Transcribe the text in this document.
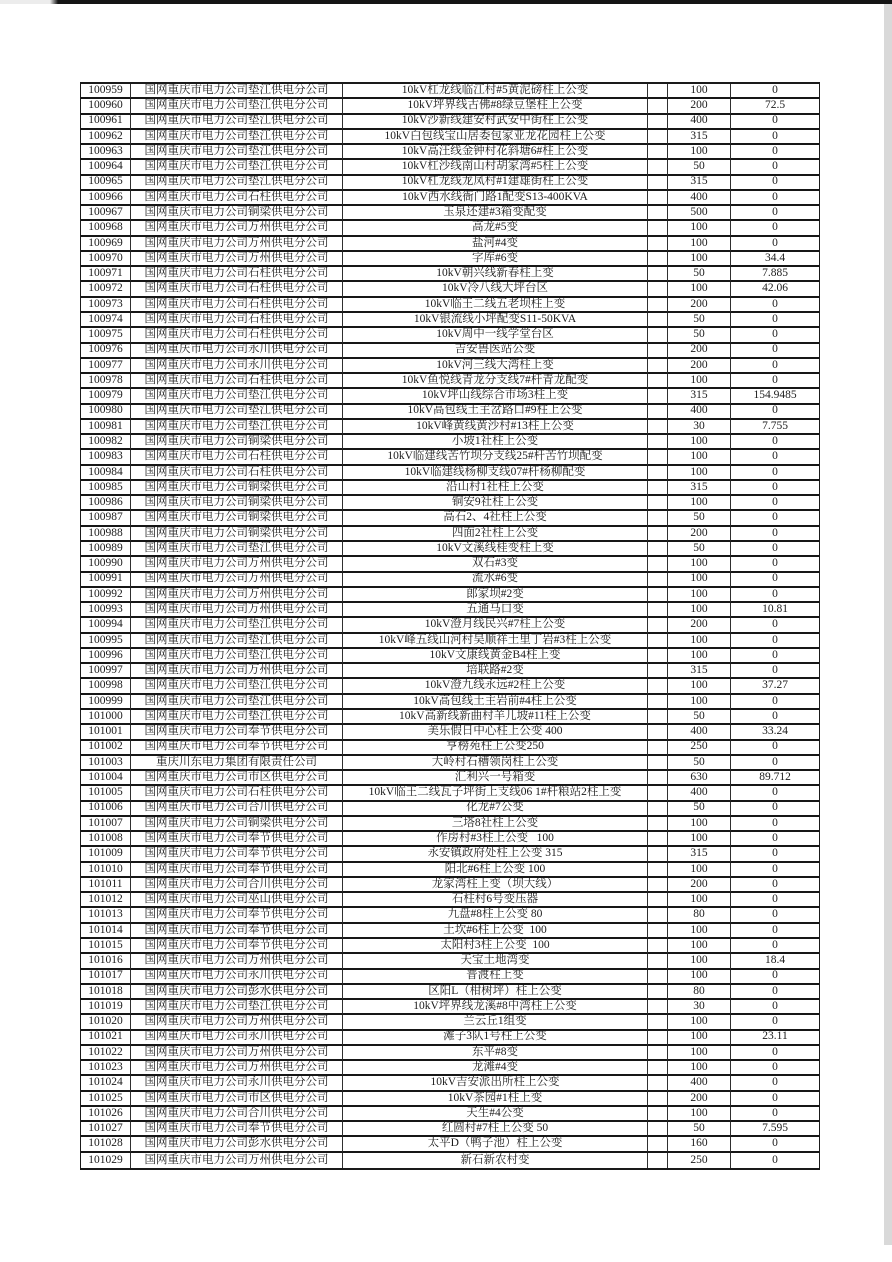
100959	国网重庆市电力公司垫江供电分公司	10kV杠龙线临江村#5黄泥磅柱上公变	100	0
100960	国网重庆市电力公司垫江供电分公司	10kV坪界线古佛#8绿豆堡柱上公变	200	72.5
100961	国网重庆市电力公司垫江供电分公司	10kV沙新线建安村武安中街柱上公变	400	0
100962	国网重庆市电力公司垫江供电分公司	10kV白包线宝山居委包家亚龙花园柱上公变	315	0
100963	国网重庆市电力公司垫江供电分公司	10kV高汪线金钟村花斜塘6#柱上公变	100	0
100964	国网重庆市电力公司垫江供电分公司	10kV杠沙线南山村胡家湾#5柱上公变	50	0
100965	国网重庆市电力公司垫江供电分公司	10kV杠龙线龙凤村#1建雄街柱上公变	315	0
100966	国网重庆市电力公司石柱供电分公司	10kV西水线衙门路1配变S13-400KVA	400	0
100967	国网重庆市电力公司铜梁供电分公司	玉泉还建#3箱变配变	500	0
100968	国网重庆市电力公司万州供电分公司	高龙#5变	100	0
100969	国网重庆市电力公司万州供电分公司	盐河#4变	100	0
100970	国网重庆市电力公司万州供电分公司	字库#6变	100	34.4
100971	国网重庆市电力公司石柱供电分公司	10kV朝兴线新春柱上变	50	7.885
100972	国网重庆市电力公司石柱供电分公司	10kV冷八线大坪台区	100	42.06
100973	国网重庆市电力公司石柱供电分公司	10kV临王二线五老坝柱上变	200	0
100974	国网重庆市电力公司石柱供电分公司	10kV银流线小坪配变S11-50KVA	50	0
100975	国网重庆市电力公司石柱供电分公司	10kV周中一线学堂台区	50	0
100976	国网重庆市电力公司永川供电分公司	吉安兽医站公变	200	0
100977	国网重庆市电力公司永川供电分公司	10kV河三线大湾柱上变	200	0
100978	国网重庆市电力公司石柱供电分公司	10kV鱼悦线青龙分支线7#杆青龙配变	100	0
100979	国网重庆市电力公司垫江供电分公司	10kV坪山线综合市场3柱上变	315	154.9485
100980	国网重庆市电力公司垫江供电分公司	10kV高包线土主岔路口#9柱上公变	400	0
100981	国网重庆市电力公司垫江供电分公司	10kV峰黄线黄沙村#13柱上公变	30	7.755
100982	国网重庆市电力公司铜梁供电分公司	小坡1社柱上公变	100	0
100983	国网重庆市电力公司石柱供电分公司	10kV临建线苦竹坝分支线25#杆苦竹坝配变	100	0
100984	国网重庆市电力公司石柱供电分公司	10kV临建线杨柳支线07#杆杨柳配变	100	0
100985	国网重庆市电力公司铜梁供电分公司	沿山村1社柱上公变	315	0
100986	国网重庆市电力公司铜梁供电分公司	铜安9社柱上公变	100	0
100987	国网重庆市电力公司铜梁供电分公司	高石2、4社柱上公变	50	0
100988	国网重庆市电力公司铜梁供电分公司	四面2社柱上公变	200	0
100989	国网重庆市电力公司垫江供电分公司	10kV文溪线桂变柱上变	50	0
100990	国网重庆市电力公司万州供电分公司	双石#3变	100	0
100991	国网重庆市电力公司万州供电分公司	流水#6变	100	0
100992	国网重庆市电力公司万州供电分公司	郎家坝#2变	100	0
100993	国网重庆市电力公司万州供电分公司	五通马口变	100	10.81
100994	国网重庆市电力公司垫江供电分公司	10kV澄月线民兴#7柱上公变	200	0
100995	国网重庆市电力公司垫江供电分公司	10kV峰五线山河村吴顺祥土里丁岩#3柱上公变	100	0
100996	国网重庆市电力公司垫江供电分公司	10kV文康线黄金B4柱上变	100	0
100997	国网重庆市电力公司万州供电分公司	培联路#2变	315	0
100998	国网重庆市电力公司垫江供电分公司	10kV澄九线永远#2柱上公变	100	37.27
100999	国网重庆市电力公司垫江供电分公司	10kV高包线土主岩前#4柱上公变	100	0
101000	国网重庆市电力公司垫江供电分公司	10kV高新线新曲村羊儿坡#11柱上公变	50	0
101001	国网重庆市电力公司奉节供电分公司	美乐假日中心柱上公变 400	400	33.24
101002	国网重庆市电力公司奉节供电分公司	亨榜苑柱上公变250	250	0
101003	重庆川东电力集团有限责任公司	大岭村石槽领岗柱上公变	50	0
101004	国网重庆市电力公司市区供电分公司	汇利兴一号箱变	630	89.712
101005	国网重庆市电力公司石柱供电分公司	10kV临王二线瓦子坪街上支线06 1#杆粮站2柱上变	400	0
101006	国网重庆市电力公司合川供电分公司	化龙#7公变	50	0
101007	国网重庆市电力公司铜梁供电分公司	三塔8社柱上公变	100	0
101008	国网重庆市电力公司奉节供电分公司	作房村#3柱上公变   100	100	0
101009	国网重庆市电力公司奉节供电分公司	永安镇政府处柱上公变 315	315	0
101010	国网重庆市电力公司奉节供电分公司	阳北#6柱上公变 100	100	0
101011	国网重庆市电力公司合川供电分公司	龙家湾柱上变（坝大线）	200	0
101012	国网重庆市电力公司巫山供电分公司	石柱村6号变压器	100	0
101013	国网重庆市电力公司奉节供电分公司	九盘#8柱上公变 80	80	0
101014	国网重庆市电力公司奉节供电分公司	土坎#6柱上公变  100	100	0
101015	国网重庆市电力公司奉节供电分公司	太阳村3柱上公变  100	100	0
101016	国网重庆市电力公司万州供电分公司	天宝土地湾变	100	18.4
101017	国网重庆市电力公司永川供电分公司	普渡柱上变	100	0
101018	国网重庆市电力公司彭水供电分公司	区阳L（柑树坪）柱上公变	80	0
101019	国网重庆市电力公司垫江供电分公司	10kV坪界线龙溪#8中湾柱上公变	30	0
101020	国网重庆市电力公司万州供电分公司	兰云丘1组变	100	0
101021	国网重庆市电力公司永川供电分公司	滩子3队1号柱上公变	100	23.11
101022	国网重庆市电力公司万州供电分公司	东平#8变	100	0
101023	国网重庆市电力公司万州供电分公司	龙滩#4变	100	0
101024	国网重庆市电力公司永川供电分公司	10kV吉安派出所柱上公变	400	0
101025	国网重庆市电力公司市区供电分公司	10kV茶园#1柱上变	200	0
101026	国网重庆市电力公司合川供电分公司	天生#4公变	100	0
101027	国网重庆市电力公司奉节供电分公司	红圆村#7柱上公变 50	50	7.595
101028	国网重庆市电力公司彭水供电分公司	太平D（鸭子池）柱上公变	160	0
101029	国网重庆市电力公司万州供电分公司	新石新农村变	250	0
